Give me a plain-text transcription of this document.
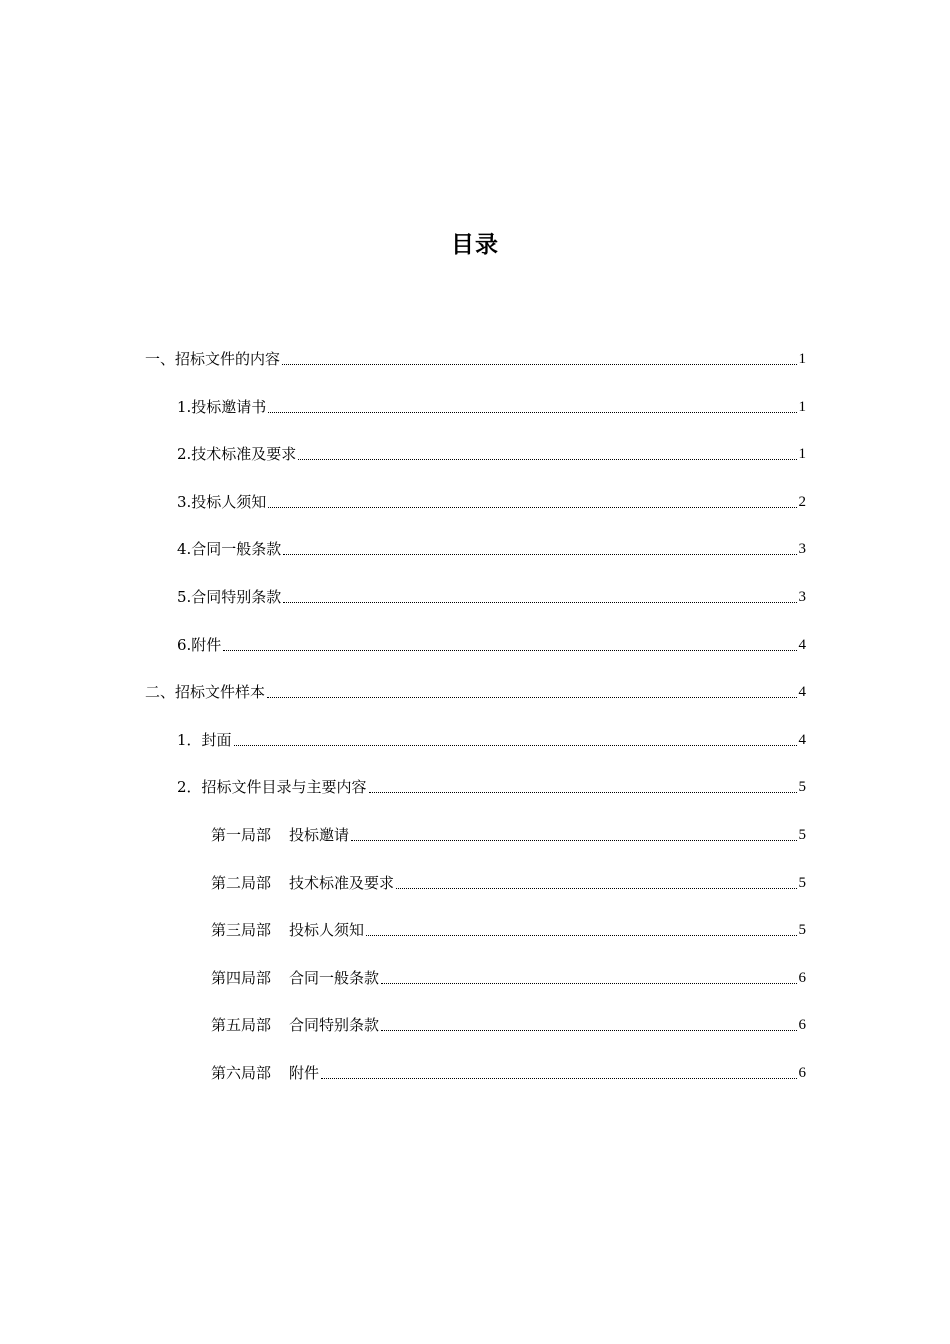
目录
一、招标文件的内容	1
1.投标邀请书	1
2.技术标准及要求	1
3.投标人须知	2
4.合同一般条款	3
5.合同特别条款	3
6.附件	4
二、招标文件样本	4
1．封面	4
2．招标文件目录与主要内容	5
第一局部 投标邀请	5
第二局部 技术标准及要求	5
第三局部 投标人须知	5
第四局部 合同一般条款	6
第五局部 合同特别条款	6
第六局部 附件	6
